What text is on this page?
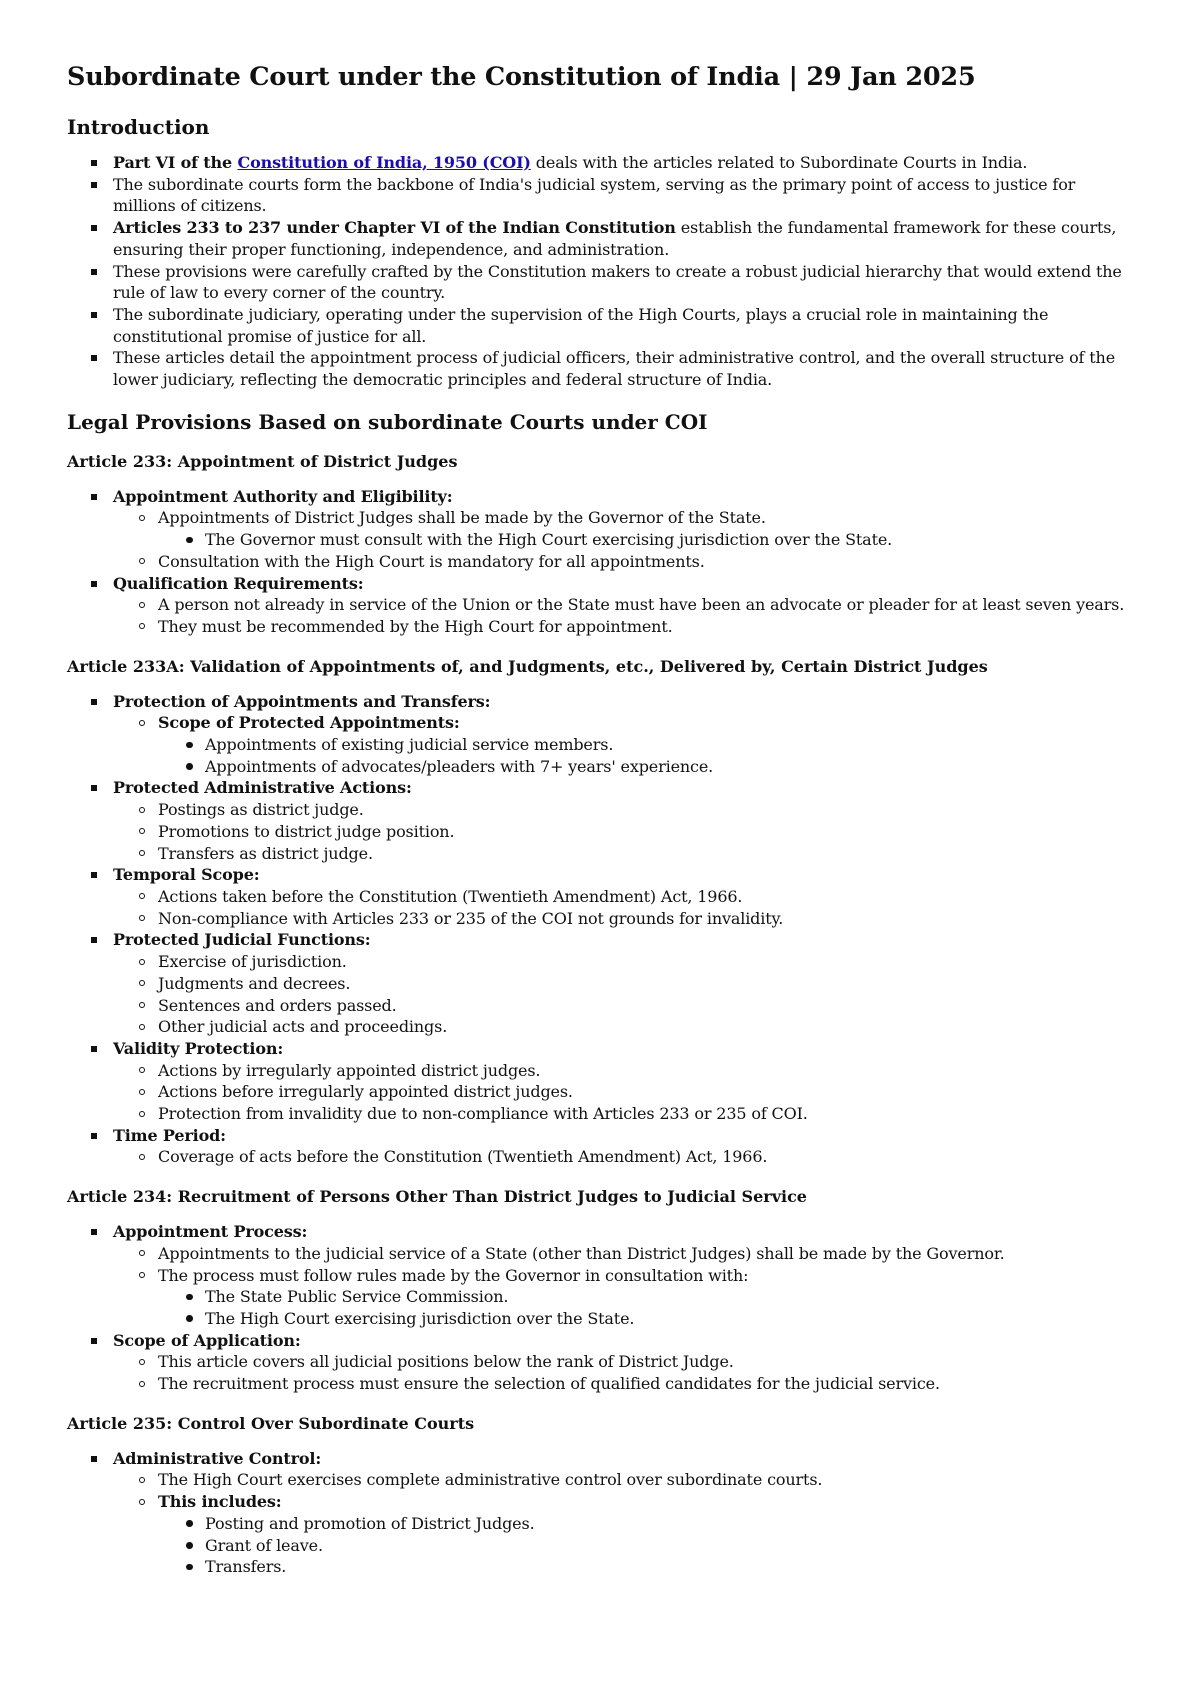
Subordinate Court under the Constitution of India | 29 Jan 2025
Introduction
Part VI of the Constitution of India, 1950 (COI) deals with the articles related to Subordinate Courts in India.
The subordinate courts form the backbone of India's judicial system, serving as the primary point of access to justice for millions of citizens.
Articles 233 to 237 under Chapter VI of the Indian Constitution establish the fundamental framework for these courts, ensuring their proper functioning, independence, and administration.
These provisions were carefully crafted by the Constitution makers to create a robust judicial hierarchy that would extend the rule of law to every corner of the country.
The subordinate judiciary, operating under the supervision of the High Courts, plays a crucial role in maintaining the constitutional promise of justice for all.
These articles detail the appointment process of judicial officers, their administrative control, and the overall structure of the lower judiciary, reflecting the democratic principles and federal structure of India.
Legal Provisions Based on subordinate Courts under COI
Article 233: Appointment of District Judges
Appointment Authority and Eligibility:
Appointments of District Judges shall be made by the Governor of the State.
The Governor must consult with the High Court exercising jurisdiction over the State.
Consultation with the High Court is mandatory for all appointments.
Qualification Requirements:
A person not already in service of the Union or the State must have been an advocate or pleader for at least seven years.
They must be recommended by the High Court for appointment.
Article 233A: Validation of Appointments of, and Judgments, etc., Delivered by, Certain District Judges
Protection of Appointments and Transfers:
Scope of Protected Appointments:
Appointments of existing judicial service members.
Appointments of advocates/pleaders with 7+ years' experience.
Protected Administrative Actions:
Postings as district judge.
Promotions to district judge position.
Transfers as district judge.
Temporal Scope:
Actions taken before the Constitution (Twentieth Amendment) Act, 1966.
Non-compliance with Articles 233 or 235 of the COI not grounds for invalidity.
Protected Judicial Functions:
Exercise of jurisdiction.
Judgments and decrees.
Sentences and orders passed.
Other judicial acts and proceedings.
Validity Protection:
Actions by irregularly appointed district judges.
Actions before irregularly appointed district judges.
Protection from invalidity due to non-compliance with Articles 233 or 235 of COI.
Time Period:
Coverage of acts before the Constitution (Twentieth Amendment) Act, 1966.
Article 234: Recruitment of Persons Other Than District Judges to Judicial Service
Appointment Process:
Appointments to the judicial service of a State (other than District Judges) shall be made by the Governor.
The process must follow rules made by the Governor in consultation with:
The State Public Service Commission.
The High Court exercising jurisdiction over the State.
Scope of Application:
This article covers all judicial positions below the rank of District Judge.
The recruitment process must ensure the selection of qualified candidates for the judicial service.
Article 235: Control Over Subordinate Courts
Administrative Control:
The High Court exercises complete administrative control over subordinate courts.
This includes:
Posting and promotion of District Judges.
Grant of leave.
Transfers.
